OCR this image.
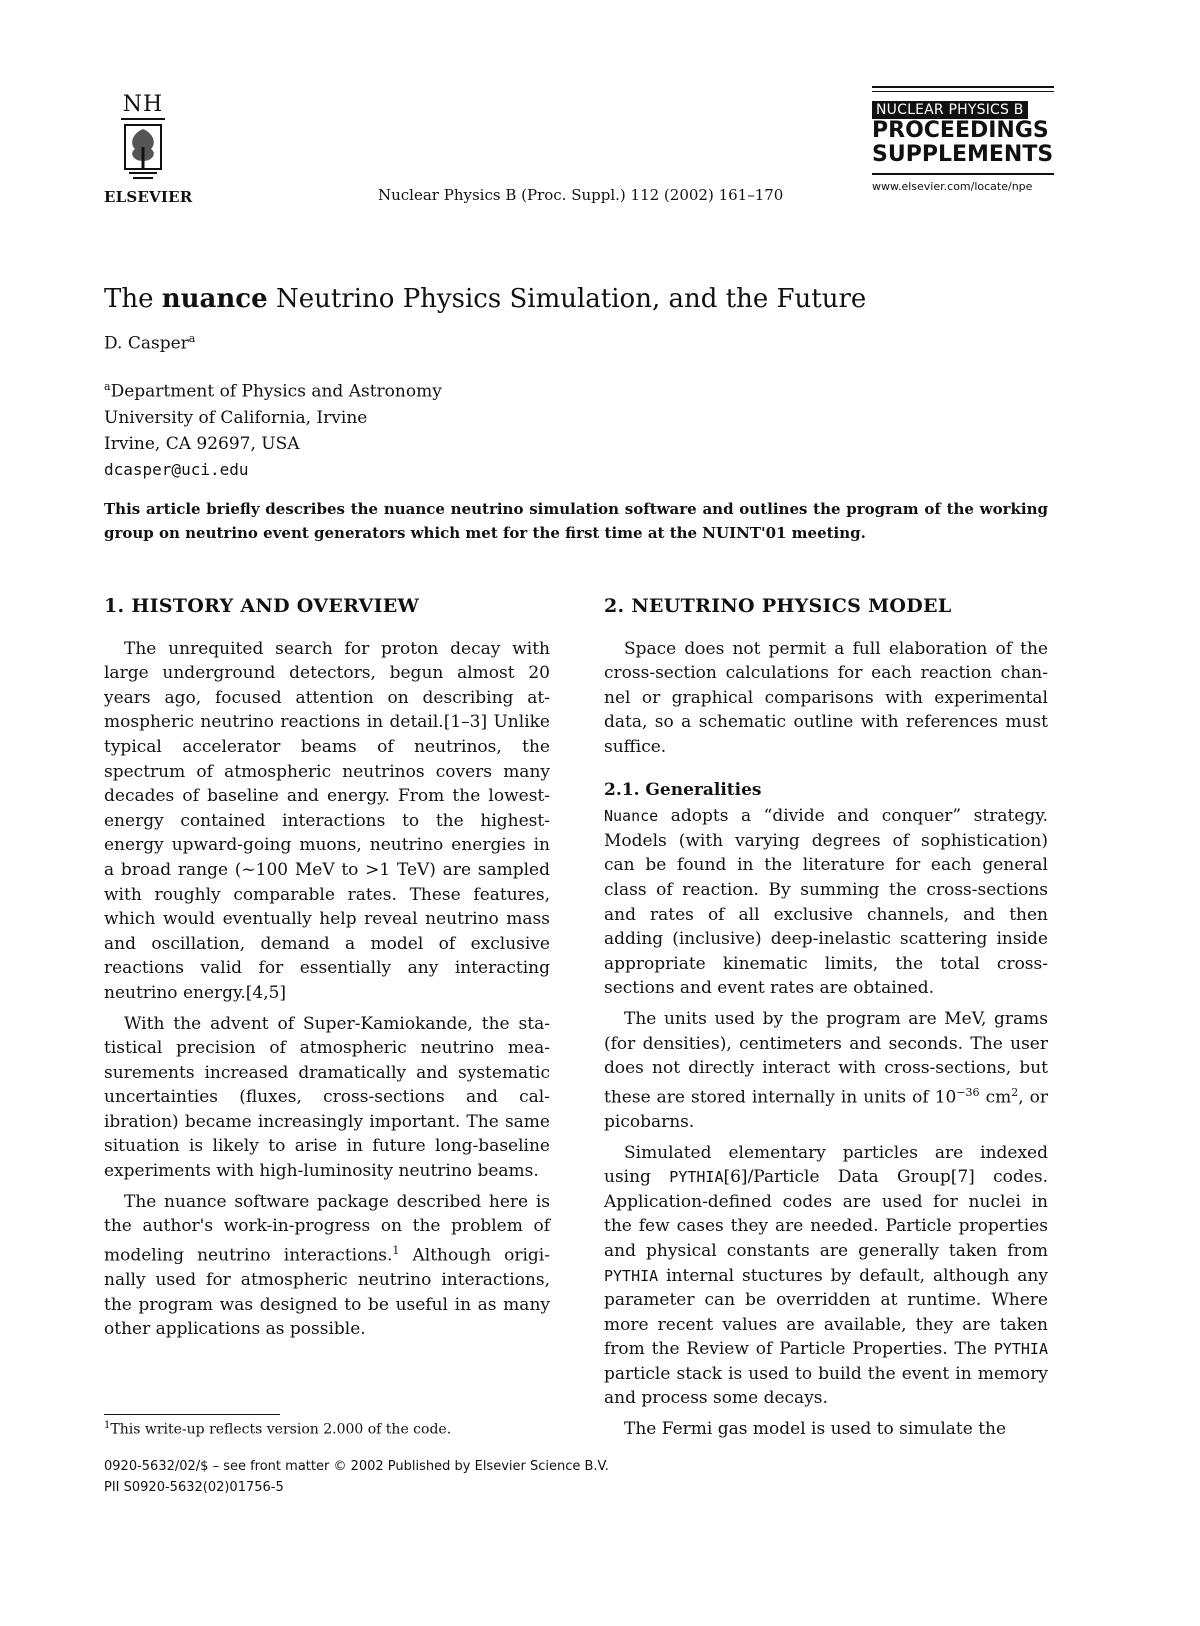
NH
ELSEVIER	Nuclear Physics B (Proc. Suppl.) 112 (2002) 161–170
NUCLEAR PHYSICS B
PROCEEDINGS
SUPPLEMENTS
www.elsevier.com/locate/npe
The nuance Neutrino Physics Simulation, and the Future
D. Casper$^a$
$^a$Department of Physics and Astronomy
University of California, Irvine
Irvine, CA 92697, USA
dcasper@uci.edu
This article briefly describes the nuance neutrino simulation software and outlines the program of the working group on neutrino event generators which met for the first time at the NUINT'01 meeting.
1. HISTORY AND OVERVIEW

The unrequited search for proton decay with large underground detectors, begun almost 20 years ago, focused attention on describing atmospheric neutrino reactions in detail.[1–3] Unlike typical accelerator beams of neutrinos, the spectrum of atmospheric neutrinos covers many decades of baseline and energy. From the lowest-energy contained interactions to the highest-energy upward-going muons, neutrino energies in a broad range (~100 MeV to >1 TeV) are sampled with roughly comparable rates. These features, which would eventually help reveal neutrino mass and oscillation, demand a model of exclusive reactions valid for essentially any interacting neutrino energy.[4,5]

With the advent of Super-Kamiokande, the statistical precision of atmospheric neutrino measurements increased dramatically and systematic uncertainties (fluxes, cross-sections and calibration) became increasingly important. The same situation is likely to arise in future long-baseline experiments with high-luminosity neutrino beams.

The nuance software package described here is the author's work-in-progress on the problem of modeling neutrino interactions.$^1$ Although originally used for atmospheric neutrino interactions, the program was designed to be useful in as many other applications as possible.

2. NEUTRINO PHYSICS MODEL

Space does not permit a full elaboration of the cross-section calculations for each reaction channel or graphical comparisons with experimental data, so a schematic outline with references must suffice.

2.1. Generalities

Nuance adopts a “divide and conquer” strategy. Models (with varying degrees of sophistication) can be found in the literature for each general class of reaction. By summing the cross-sections and rates of all exclusive channels, and then adding (inclusive) deep-inelastic scattering inside appropriate kinematic limits, the total cross-sections and event rates are obtained.

The units used by the program are MeV, grams (for densities), centimeters and seconds. The user does not directly interact with cross-sections, but these are stored internally in units of $10^{-36}$ $cm^2$, or picobarns.

Simulated elementary particles are indexed using PYTHIA[6]/Particle Data Group[7] codes. Application-defined codes are used for nuclei in the few cases they are needed. Particle properties and physical constants are generally taken from PYTHIA internal stuctures by default, although any parameter can be overridden at runtime. Where more recent values are available, they are taken from the Review of Particle Properties. The PYTHIA particle stack is used to build the event in memory and process some decays.

The Fermi gas model is used to simulate the

$^1$This write-up reflects version 2.000 of the code.
0920-5632/02/$ – see front matter © 2002 Published by Elsevier Science B.V.
PII S0920-5632(02)01756-5
